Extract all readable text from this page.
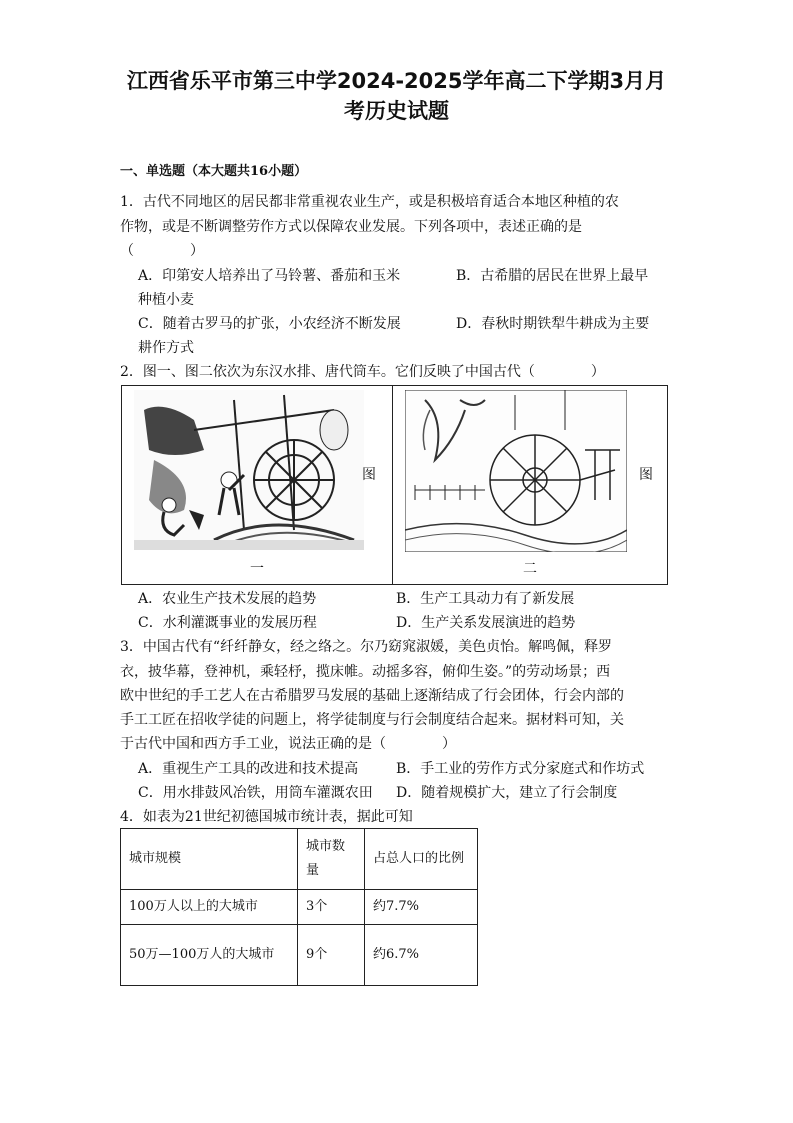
江西省乐平市第三中学2024-2025学年高二下学期3月月
考历史试题
一、单选题（本大题共16小题）
1．古代不同地区的居民都非常重视农业生产，或是积极培育适合本地区种植的农
作物，或是不断调整劳作方式以保障农业发展。下列各项中，表述正确的是
（　　　　）
A．印第安人培养出了马铃薯、番茄和玉米	B．古希腊的居民在世界上最早
种植小麦
C．随着古罗马的扩张，小农经济不断发展	D．春秋时期铁犁牛耕成为主要
耕作方式
2．图一、图二依次为东汉水排、唐代筒车。它们反映了中国古代（　　　　）
图
一
图
二
A．农业生产技术发展的趋势	B．生产工具动力有了新发展
C．水利灌溉事业的发展历程	D．生产关系发展演进的趋势
3．中国古代有“纤纤静女，经之络之。尔乃窈窕淑媛，美色贞怡。解鸣佩，释罗
衣，披华幕，登神机，乘轻杼，揽床帷。动摇多容，俯仰生姿。”的劳动场景；西
欧中世纪的手工艺人在古希腊罗马发展的基础上逐渐结成了行会团体，行会内部的
手工工匠在招收学徒的问题上，将学徒制度与行会制度结合起来。据材料可知，关
于古代中国和西方手工业，说法正确的是（　　　　）
A．重视生产工具的改进和技术提高	B．手工业的劳作方式分家庭式和作坊式
C．用水排鼓风冶铁，用筒车灌溉农田 D．随着规模扩大，建立了行会制度
4．如表为21世纪初德国城市统计表，据此可知
城市规模	城市数量	占总人口的比例
100万人以上的大城市	3个	约7.7%
50万—100万人的大城市	9个	约6.7%
